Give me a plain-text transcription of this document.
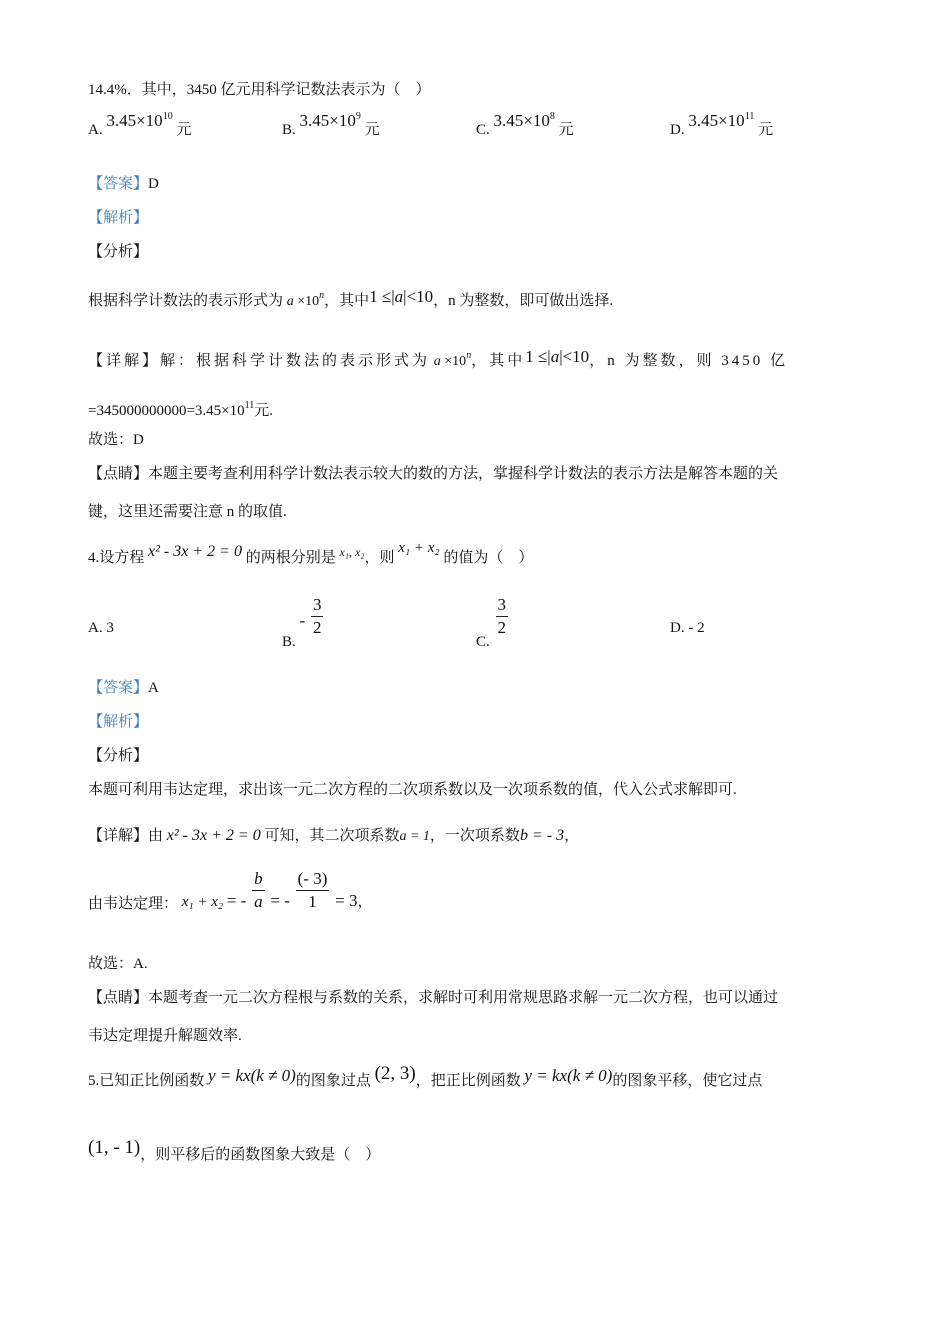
14.4%．其中，3450 亿元用科学记数法表示为（　）
A. $3.45\times 10^{10}$ 元	B. $3.45\times 10^9$ 元	C. $3.45\times 10^8$ 元	D. $3.45\times 10^{11}$ 元
【答案】D
【解析】
【分析】
根据科学计数法的表示形式为 $a \times 10^n$，其中1 ≤|a|<10，n 为整数，即可做出选择.
【详解】解：根据科学计数法的表示形式为 $a \times 10^n$，其中1 ≤|a|<10，n 为整数，则 3450 亿
$=345000000000=3.45\times 10^{11}$元.
故选：D
【点睛】本题主要考查利用科学计数法表示较大的数的方法，掌握科学计数法的表示方法是解答本题的关
键，这里还需要注意 n 的取值.
4.设方程 x² - 3x + 2 = 0 的两根分别是 $^{x_1, x_2}$，则 x₁ + x₂ 的值为（　）
A. 3
B. - $\frac{3}{2}$
C.
$\frac{3}{2}$	D. - 2
【答案】A
【解析】
【分析】
本题可利用韦达定理，求出该一元二次方程的二次项系数以及一次项系数的值，代入公式求解即可.
【详解】由 x² - 3x + 2 = 0 可知，其二次项系数a = 1，一次项系数b = - 3，
由韦达定理： x₁ + x₂ = - $\frac{b}{a}$ = - $\frac{(- 3)}{1} = 3$，
故选：A.
【点睛】本题考查一元二次方程根与系数的关系，求解时可利用常规思路求解一元二次方程，也可以通过
韦达定理提升解题效率.
5.已知正比例函数 y = kx(k ≠ 0)的图象过点 (2, 3)，把正比例函数 y = kx(k ≠ 0)的图象平移，使它过点
(1, - 1)，则平移后的函数图象大致是（　）
